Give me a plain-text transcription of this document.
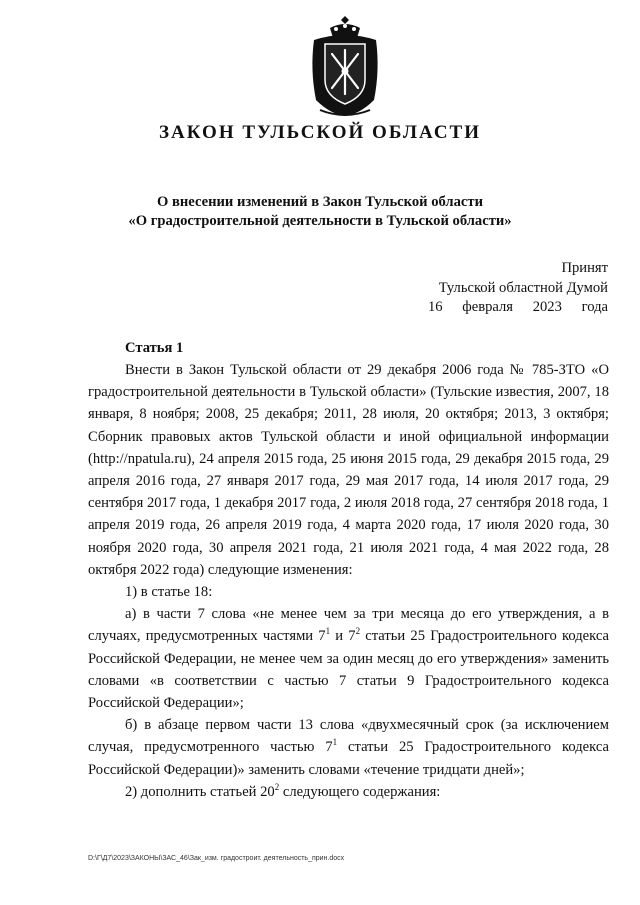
ЗАКОН ТУЛЬСКОЙ ОБЛАСТИ
О внесении изменений в Закон Тульской области
«О градостроительной деятельности в Тульской области»
Принят
Тульской областной Думой
16 февраля 2023 года
Статья 1

Внести в Закон Тульской области от 29 декабря 2006 года № 785-ЗТО «О градостроительной деятельности в Тульской области» (Тульские известия, 2007, 18 января, 8 ноября; 2008, 25 декабря; 2011, 28 июля, 20 октября; 2013, 3 октября; Сборник правовых актов Тульской области и иной официальной информации (http://npatula.ru), 24 апреля 2015 года, 25 июня 2015 года, 29 декабря 2015 года, 29 апреля 2016 года, 27 января 2017 года, 29 мая 2017 года, 14 июля 2017 года, 29 сентября 2017 года, 1 декабря 2017 года, 2 июля 2018 года, 27 сентября 2018 года, 1 апреля 2019 года, 26 апреля 2019 года, 4 марта 2020 года, 17 июля 2020 года, 30 ноября 2020 года, 30 апреля 2021 года, 21 июля 2021 года, 4 мая 2022 года, 28 октября 2022 года) следующие изменения:

1) в статье 18:

а) в части 7 слова «не менее чем за три месяца до его утверждения, а в случаях, предусмотренных частями $7^1$ и $7^2$ статьи 25 Градостроительного кодекса Российской Федерации, не менее чем за один месяц до его утверждения» заменить словами «в соответствии с частью 7 статьи 9 Градостроительного кодекса Российской Федерации»;

б) в абзаце первом части 13 слова «двухмесячный срок (за исключением случая, предусмотренного частью $7^1$ статьи 25 Градостроительного кодекса Российской Федерации)» заменить словами «течение тридцати дней»;

2) дополнить статьей $20^2$ следующего содержания:

D:\Г\Д7\2023\ЗАКОНЫ\ЗАС_46\Зак_изм. градостроит. деятельность_прин.docx
